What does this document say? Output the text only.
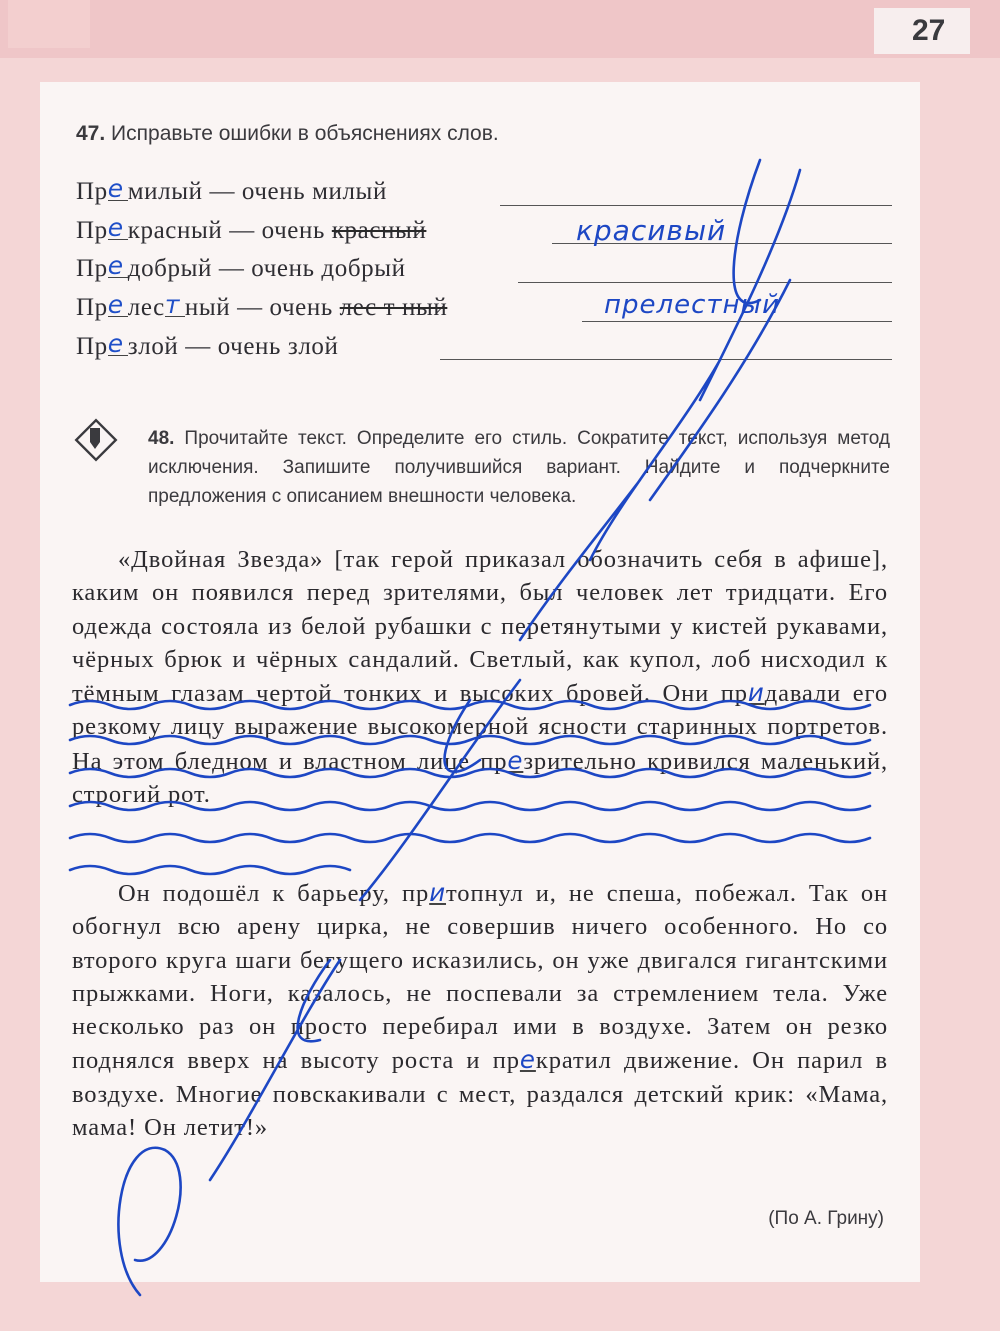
27
47. Исправьте ошибки в объяснениях слов.
Пр е милый — очень милый
Пр е красный — очень красный	красивый
Пр е добрый — очень добрый
Пр е лес т ный — очень лес т ный	прелестный
Пр е злой — очень злой
48. Прочитайте текст. Определите его стиль. Сократите текст, используя метод исключения. Запишите получившийся вариант. Найдите и подчеркните предложения с описанием внешности человека.
«Двойная Звезда» [так герой приказал обозначить себя в афише], каким он появился перед зрителями, был человек лет тридцати. Его одежда состояла из белой рубашки с перетянутыми у кистей рукавами, чёрных брюк и чёрных сандалий. Светлый, как купол, лоб нисходил к тёмным глазам чертой тонких и высоких бровей. Они придавали его резкому лицу выражение высокомерной ясности старинных портретов. На этом бледном и властном лице презрительно кривился маленький, строгий рот.
Он подошёл к барьеру, притопнул и, не спеша, побежал. Так он обогнул всю арену цирка, не совершив ничего особенного. Но со второго круга шаги бегущего исказились, он уже двигался гигантскими прыжками. Ноги, казалось, не поспевали за стремлением тела. Уже несколько раз он просто перебирал ими в воздухе. Затем он резко поднялся вверх на высоту роста и прекратил движение. Он парил в воздухе. Многие повскакивали с мест, раздался детский крик: «Мама, мама! Он летит!»
(По А. Грину)
